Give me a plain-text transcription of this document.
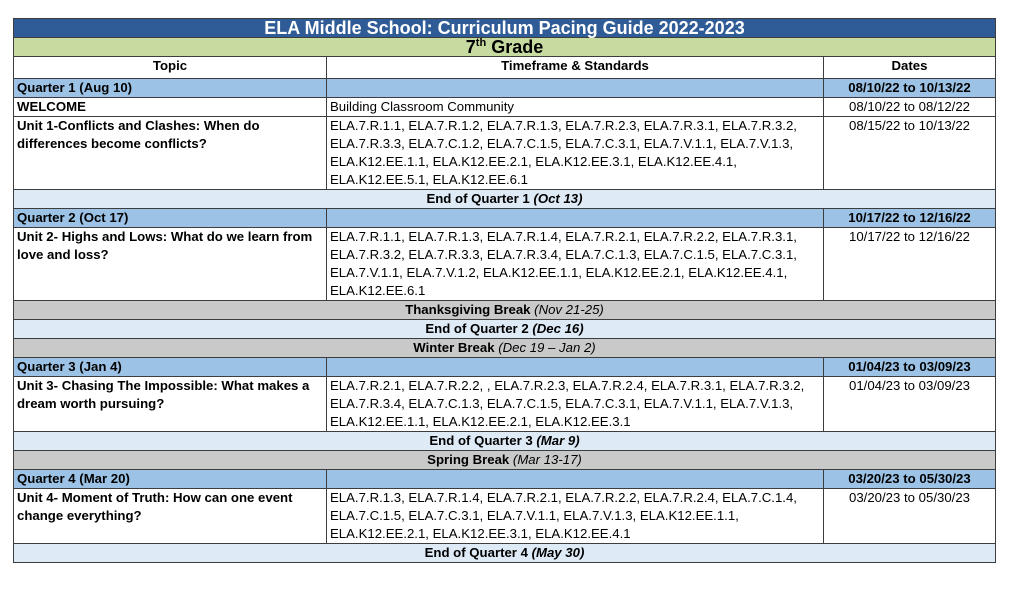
ELA Middle School: Curriculum Pacing Guide 2022-2023		
7th Grade		
Topic	Timeframe & Standards	Dates
Quarter 1 (Aug 10)		08/10/22 to 10/13/22
WELCOME	Building Classroom Community	08/10/22 to 08/12/22
Unit 1-Conflicts and Clashes: When do differences become conflicts?	ELA.7.R.1.1, ELA.7.R.1.2, ELA.7.R.1.3, ELA.7.R.2.3, ELA.7.R.3.1, ELA.7.R.3.2, ELA.7.R.3.3, ELA.7.C.1.2, ELA.7.C.1.5, ELA.7.C.3.1, ELA.7.V.1.1, ELA.7.V.1.3, ELA.K12.EE.1.1, ELA.K12.EE.2.1, ELA.K12.EE.3.1, ELA.K12.EE.4.1, ELA.K12.EE.5.1, ELA.K12.EE.6.1	08/15/22 to 10/13/22
End of Quarter 1 (Oct 13)		
Quarter 2 (Oct 17)		10/17/22 to 12/16/22
Unit 2- Highs and Lows: What do we learn from love and loss?	ELA.7.R.1.1, ELA.7.R.1.3, ELA.7.R.1.4, ELA.7.R.2.1, ELA.7.R.2.2, ELA.7.R.3.1, ELA.7.R.3.2, ELA.7.R.3.3, ELA.7.R.3.4, ELA.7.C.1.3, ELA.7.C.1.5, ELA.7.C.3.1, ELA.7.V.1.1, ELA.7.V.1.2, ELA.K12.EE.1.1, ELA.K12.EE.2.1, ELA.K12.EE.4.1, ELA.K12.EE.6.1	10/17/22 to 12/16/22
Thanksgiving Break (Nov 21-25)		
End of Quarter 2 (Dec 16)		
Winter Break (Dec 19 – Jan 2)		
Quarter 3 (Jan 4)		01/04/23 to 03/09/23
Unit 3- Chasing The Impossible: What makes a dream worth pursuing?	ELA.7.R.2.1, ELA.7.R.2.2, , ELA.7.R.2.3, ELA.7.R.2.4, ELA.7.R.3.1, ELA.7.R.3.2, ELA.7.R.3.4, ELA.7.C.1.3, ELA.7.C.1.5, ELA.7.C.3.1, ELA.7.V.1.1, ELA.7.V.1.3, ELA.K12.EE.1.1, ELA.K12.EE.2.1, ELA.K12.EE.3.1	01/04/23 to 03/09/23
End of Quarter 3 (Mar 9)		
Spring Break (Mar 13-17)		
Quarter 4 (Mar 20)		03/20/23 to 05/30/23
Unit 4- Moment of Truth: How can one event change everything?	ELA.7.R.1.3, ELA.7.R.1.4, ELA.7.R.2.1, ELA.7.R.2.2, ELA.7.R.2.4, ELA.7.C.1.4, ELA.7.C.1.5, ELA.7.C.3.1, ELA.7.V.1.1, ELA.7.V.1.3, ELA.K12.EE.1.1, ELA.K12.EE.2.1, ELA.K12.EE.3.1, ELA.K12.EE.4.1	03/20/23 to 05/30/23
End of Quarter 4 (May 30)		
